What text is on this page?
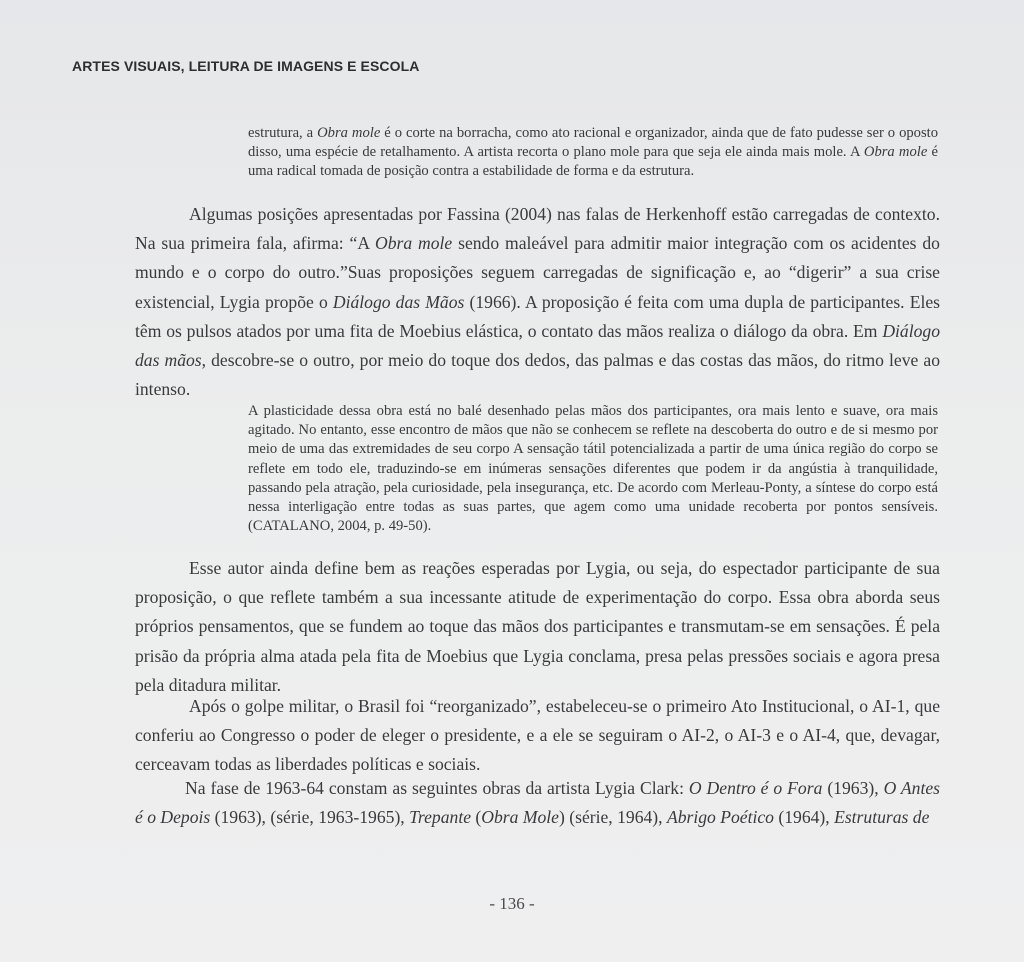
ARTES VISUAIS, LEITURA DE IMAGENS E ESCOLA

estrutura, a Obra mole é o corte na borracha, como ato racional e organizador, ainda que de fato pudesse ser o oposto disso, uma espécie de retalhamento. A artista recorta o plano mole para que seja ele ainda mais mole. A Obra mole é uma radical tomada de posição contra a estabilidade de forma e da estrutura.

Algumas posições apresentadas por Fassina (2004) nas falas de Herkenhoff estão carregadas de contexto. Na sua primeira fala, afirma: “A Obra mole sendo maleável para admitir maior integração com os acidentes do mundo e o corpo do outro.”Suas proposições seguem carregadas de significação e, ao “digerir” a sua crise existencial, Lygia propõe o Diálogo das Mãos (1966). A proposição é feita com uma dupla de participantes. Eles têm os pulsos atados por uma fita de Moebius elástica, o contato das mãos realiza o diálogo da obra. Em Diálogo das mãos, descobre-se o outro, por meio do toque dos dedos, das palmas e das costas das mãos, do ritmo leve ao intenso.

A plasticidade dessa obra está no balé desenhado pelas mãos dos participantes, ora mais lento e suave, ora mais agitado. No entanto, esse encontro de mãos que não se conhecem se reflete na descoberta do outro e de si mesmo por meio de uma das extremidades de seu corpo A sensação tátil potencializada a partir de uma única região do corpo se reflete em todo ele, traduzindo-se em inúmeras sensações diferentes que podem ir da angústia à tranquilidade, passando pela atração, pela curiosidade, pela insegurança, etc. De acordo com Merleau-Ponty, a síntese do corpo está nessa interligação entre todas as suas partes, que agem como uma unidade recoberta por pontos sensíveis. (CATALANO, 2004, p. 49-50).

Esse autor ainda define bem as reações esperadas por Lygia, ou seja, do espectador participante de sua proposição, o que reflete também a sua incessante atitude de experimentação do corpo. Essa obra aborda seus próprios pensamentos, que se fundem ao toque das mãos dos participantes e transmutam-se em sensações. É pela prisão da própria alma atada pela fita de Moebius que Lygia conclama, presa pelas pressões sociais e agora presa pela ditadura militar.

Após o golpe militar, o Brasil foi “reorganizado”, estabeleceu-se o primeiro Ato Institucional, o AI-1, que conferiu ao Congresso o poder de eleger o presidente, e a ele se seguiram o AI-2, o AI-3 e o AI-4, que, devagar, cerceavam todas as liberdades políticas e sociais.

Na fase de 1963-64 constam as seguintes obras da artista Lygia Clark: O Dentro é o Fora (1963), O Antes é o Depois (1963), (série, 1963-1965), Trepante (Obra Mole) (série, 1964), Abrigo Poético (1964), Estruturas de

- 136 -
